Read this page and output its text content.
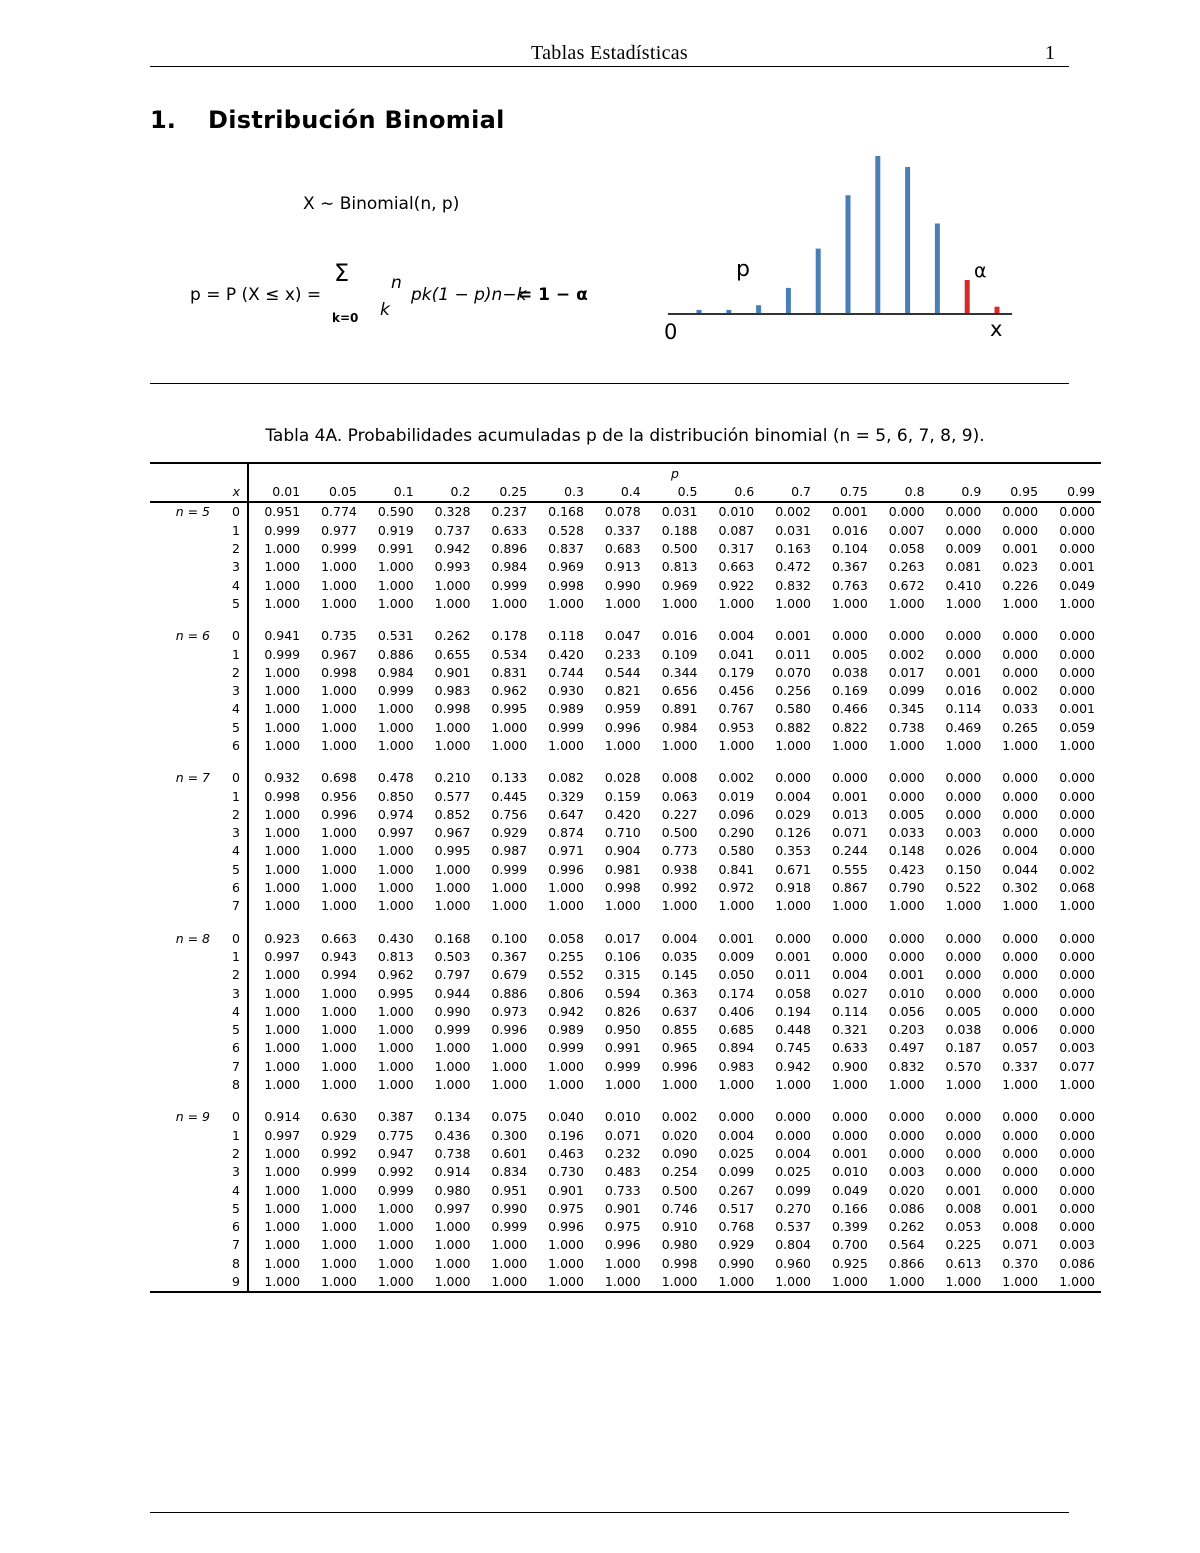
Tablas Estadísticas	1
1. Distribución Binomial
X ∼ Binomial(n, p)
p = P (X ≤ x) =
Σ
k=0
n
k
pk(1 − p)n−k
= 1 − α
p	α
0	x
Tabla 4A. Probabilidades acumuladas p de la distribución binomial (n = 5, 6, 7, 8, 9).
		p														
	x	0.01	0.05	0.1	0.2	0.25	0.3	0.4	0.5	0.6	0.7	0.75	0.8	0.9	0.95	0.99
n = 5	0	0.951	0.774	0.590	0.328	0.237	0.168	0.078	0.031	0.010	0.002	0.001	0.000	0.000	0.000	0.000
	1	0.999	0.977	0.919	0.737	0.633	0.528	0.337	0.188	0.087	0.031	0.016	0.007	0.000	0.000	0.000
	2	1.000	0.999	0.991	0.942	0.896	0.837	0.683	0.500	0.317	0.163	0.104	0.058	0.009	0.001	0.000
	3	1.000	1.000	1.000	0.993	0.984	0.969	0.913	0.813	0.663	0.472	0.367	0.263	0.081	0.023	0.001
	4	1.000	1.000	1.000	1.000	0.999	0.998	0.990	0.969	0.922	0.832	0.763	0.672	0.410	0.226	0.049
	5	1.000	1.000	1.000	1.000	1.000	1.000	1.000	1.000	1.000	1.000	1.000	1.000	1.000	1.000	1.000

n = 6	0	0.941	0.735	0.531	0.262	0.178	0.118	0.047	0.016	0.004	0.001	0.000	0.000	0.000	0.000	0.000
	1	0.999	0.967	0.886	0.655	0.534	0.420	0.233	0.109	0.041	0.011	0.005	0.002	0.000	0.000	0.000
	2	1.000	0.998	0.984	0.901	0.831	0.744	0.544	0.344	0.179	0.070	0.038	0.017	0.001	0.000	0.000
	3	1.000	1.000	0.999	0.983	0.962	0.930	0.821	0.656	0.456	0.256	0.169	0.099	0.016	0.002	0.000
	4	1.000	1.000	1.000	0.998	0.995	0.989	0.959	0.891	0.767	0.580	0.466	0.345	0.114	0.033	0.001
	5	1.000	1.000	1.000	1.000	1.000	0.999	0.996	0.984	0.953	0.882	0.822	0.738	0.469	0.265	0.059
	6	1.000	1.000	1.000	1.000	1.000	1.000	1.000	1.000	1.000	1.000	1.000	1.000	1.000	1.000	1.000

n = 7	0	0.932	0.698	0.478	0.210	0.133	0.082	0.028	0.008	0.002	0.000	0.000	0.000	0.000	0.000	0.000
	1	0.998	0.956	0.850	0.577	0.445	0.329	0.159	0.063	0.019	0.004	0.001	0.000	0.000	0.000	0.000
	2	1.000	0.996	0.974	0.852	0.756	0.647	0.420	0.227	0.096	0.029	0.013	0.005	0.000	0.000	0.000
	3	1.000	1.000	0.997	0.967	0.929	0.874	0.710	0.500	0.290	0.126	0.071	0.033	0.003	0.000	0.000
	4	1.000	1.000	1.000	0.995	0.987	0.971	0.904	0.773	0.580	0.353	0.244	0.148	0.026	0.004	0.000
	5	1.000	1.000	1.000	1.000	0.999	0.996	0.981	0.938	0.841	0.671	0.555	0.423	0.150	0.044	0.002
	6	1.000	1.000	1.000	1.000	1.000	1.000	0.998	0.992	0.972	0.918	0.867	0.790	0.522	0.302	0.068
	7	1.000	1.000	1.000	1.000	1.000	1.000	1.000	1.000	1.000	1.000	1.000	1.000	1.000	1.000	1.000

n = 8	0	0.923	0.663	0.430	0.168	0.100	0.058	0.017	0.004	0.001	0.000	0.000	0.000	0.000	0.000	0.000
	1	0.997	0.943	0.813	0.503	0.367	0.255	0.106	0.035	0.009	0.001	0.000	0.000	0.000	0.000	0.000
	2	1.000	0.994	0.962	0.797	0.679	0.552	0.315	0.145	0.050	0.011	0.004	0.001	0.000	0.000	0.000
	3	1.000	1.000	0.995	0.944	0.886	0.806	0.594	0.363	0.174	0.058	0.027	0.010	0.000	0.000	0.000
	4	1.000	1.000	1.000	0.990	0.973	0.942	0.826	0.637	0.406	0.194	0.114	0.056	0.005	0.000	0.000
	5	1.000	1.000	1.000	0.999	0.996	0.989	0.950	0.855	0.685	0.448	0.321	0.203	0.038	0.006	0.000
	6	1.000	1.000	1.000	1.000	1.000	0.999	0.991	0.965	0.894	0.745	0.633	0.497	0.187	0.057	0.003
	7	1.000	1.000	1.000	1.000	1.000	1.000	0.999	0.996	0.983	0.942	0.900	0.832	0.570	0.337	0.077
	8	1.000	1.000	1.000	1.000	1.000	1.000	1.000	1.000	1.000	1.000	1.000	1.000	1.000	1.000	1.000

n = 9	0	0.914	0.630	0.387	0.134	0.075	0.040	0.010	0.002	0.000	0.000	0.000	0.000	0.000	0.000	0.000
	1	0.997	0.929	0.775	0.436	0.300	0.196	0.071	0.020	0.004	0.000	0.000	0.000	0.000	0.000	0.000
	2	1.000	0.992	0.947	0.738	0.601	0.463	0.232	0.090	0.025	0.004	0.001	0.000	0.000	0.000	0.000
	3	1.000	0.999	0.992	0.914	0.834	0.730	0.483	0.254	0.099	0.025	0.010	0.003	0.000	0.000	0.000
	4	1.000	1.000	0.999	0.980	0.951	0.901	0.733	0.500	0.267	0.099	0.049	0.020	0.001	0.000	0.000
	5	1.000	1.000	1.000	0.997	0.990	0.975	0.901	0.746	0.517	0.270	0.166	0.086	0.008	0.001	0.000
	6	1.000	1.000	1.000	1.000	0.999	0.996	0.975	0.910	0.768	0.537	0.399	0.262	0.053	0.008	0.000
	7	1.000	1.000	1.000	1.000	1.000	1.000	0.996	0.980	0.929	0.804	0.700	0.564	0.225	0.071	0.003
	8	1.000	1.000	1.000	1.000	1.000	1.000	1.000	0.998	0.990	0.960	0.925	0.866	0.613	0.370	0.086
	9	1.000	1.000	1.000	1.000	1.000	1.000	1.000	1.000	1.000	1.000	1.000	1.000	1.000	1.000	1.000
